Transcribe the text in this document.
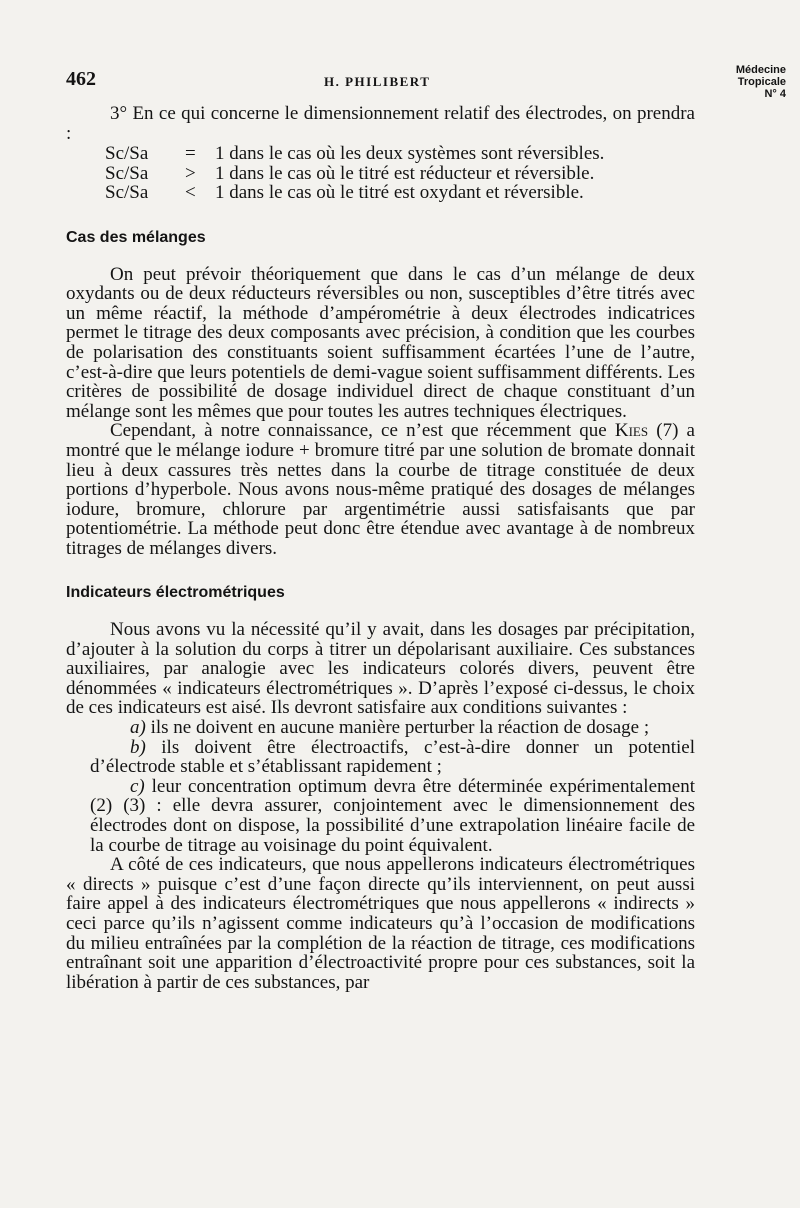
462	H. PHILIBERT
Médecine
Tropicale
N° 4

3° En ce qui concerne le dimensionnement relatif des électrodes, on prendra :

Sc/Sa = 1 dans le cas où les deux systèmes sont réversibles.
Sc/Sa > 1 dans le cas où le titré est réducteur et réversible.
Sc/Sa < 1 dans le cas où le titré est oxydant et réversible.
Cas des mélanges

On peut prévoir théoriquement que dans le cas d’un mélange de deux oxydants ou de deux réducteurs réversibles ou non, susceptibles d’être titrés avec un même réactif, la méthode d’ampérométrie à deux électrodes indicatrices permet le titrage des deux composants avec précision, à condition que les courbes de polarisation des constituants soient suffisamment écartées l’une de l’autre, c’est-à-dire que leurs potentiels de demi-vague soient suffisamment différents. Les critères de possibilité de dosage individuel direct de chaque constituant d’un mélange sont les mêmes que pour toutes les autres techniques électriques.

Cependant, à notre connaissance, ce n’est que récemment que Kies (7) a montré que le mélange iodure + bromure titré par une solution de bromate donnait lieu à deux cassures très nettes dans la courbe de titrage constituée de deux portions d’hyperbole. Nous avons nous-même pratiqué des dosages de mélanges iodure, bromure, chlorure par argentimétrie aussi satisfaisants que par potentiométrie. La méthode peut donc être étendue avec avantage à de nombreux titrages de mélanges divers.

Indicateurs électrométriques

Nous avons vu la nécessité qu’il y avait, dans les dosages par précipitation, d’ajouter à la solution du corps à titrer un dépolarisant auxiliaire. Ces substances auxiliaires, par analogie avec les indicateurs colorés divers, peuvent être dénommées « indicateurs électrométriques ». D’après l’exposé ci-dessus, le choix de ces indicateurs est aisé. Ils devront satisfaire aux conditions suivantes :

a) ils ne doivent en aucune manière perturber la réaction de dosage ;

b) ils doivent être électroactifs, c’est-à-dire donner un potentiel d’électrode stable et s’établissant rapidement ;

c) leur concentration optimum devra être déterminée expérimentalement (2) (3) : elle devra assurer, conjointement avec le dimensionnement des électrodes dont on dispose, la possibilité d’une extrapolation linéaire facile de la courbe de titrage au voisinage du point équivalent.

A côté de ces indicateurs, que nous appellerons indicateurs électrométriques « directs » puisque c’est d’une façon directe qu’ils interviennent, on peut aussi faire appel à des indicateurs électrométriques que nous appellerons « indirects » ceci parce qu’ils n’agissent comme indicateurs qu’à l’occasion de modifications du milieu entraînées par la complétion de la réaction de titrage, ces modifications entraînant soit une apparition d’électroactivité propre pour ces substances, soit la libération à partir de ces substances, par
